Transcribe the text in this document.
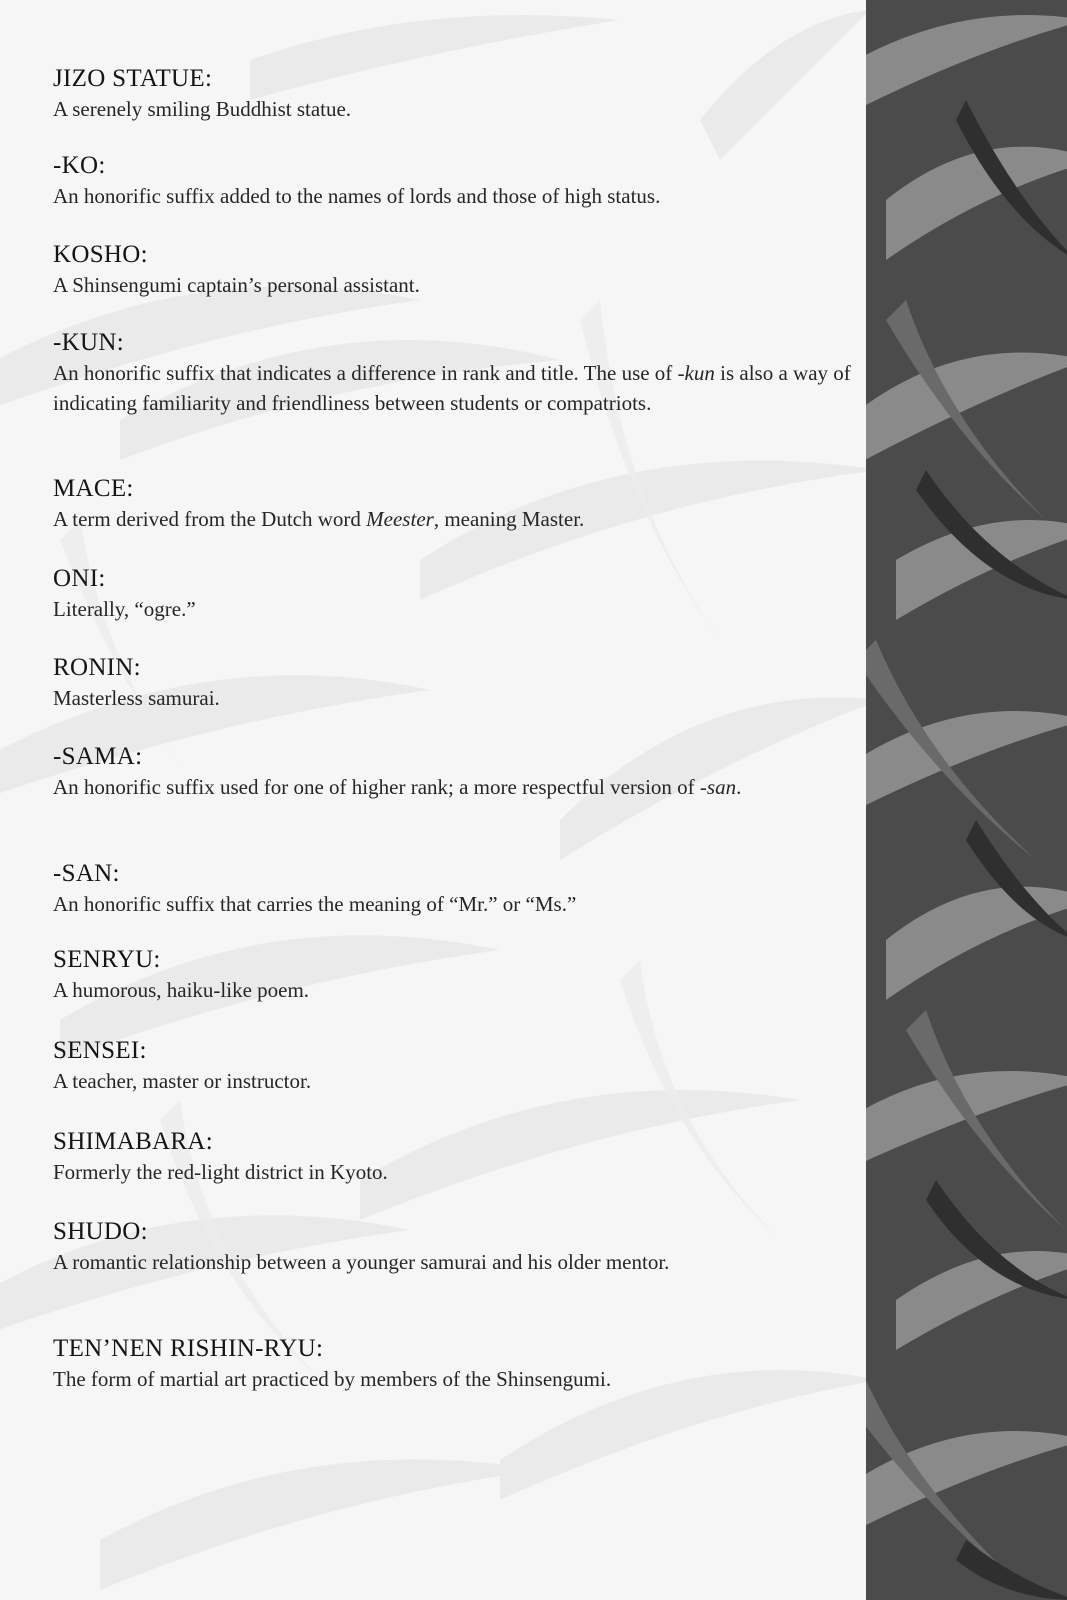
JIZO STATUE:
A serenely smiling Buddhist statue.
-KO:
An honorific suffix added to the names of lords and those of high status.
KOSHO:
A Shinsengumi captain’s personal assistant.
-KUN:
An honorific suffix that indicates a difference in rank and title. The use of -kun is also a way of indicating familiarity and friendliness between students or compatriots.
MACE:
A term derived from the Dutch word Meester, meaning Master.
ONI:
Literally, “ogre.”
RONIN:
Masterless samurai.
-SAMA:
An honorific suffix used for one of higher rank; a more respectful version of -san.
-SAN:
An honorific suffix that carries the meaning of “Mr.” or “Ms.”
SENRYU:
A humorous, haiku-like poem.
SENSEI:
A teacher, master or instructor.
SHIMABARA:
Formerly the red-light district in Kyoto.
SHUDO:
A romantic relationship between a younger samurai and his older mentor.
TEN’NEN RISHIN-RYU:
The form of martial art practiced by members of the Shinsengumi.
